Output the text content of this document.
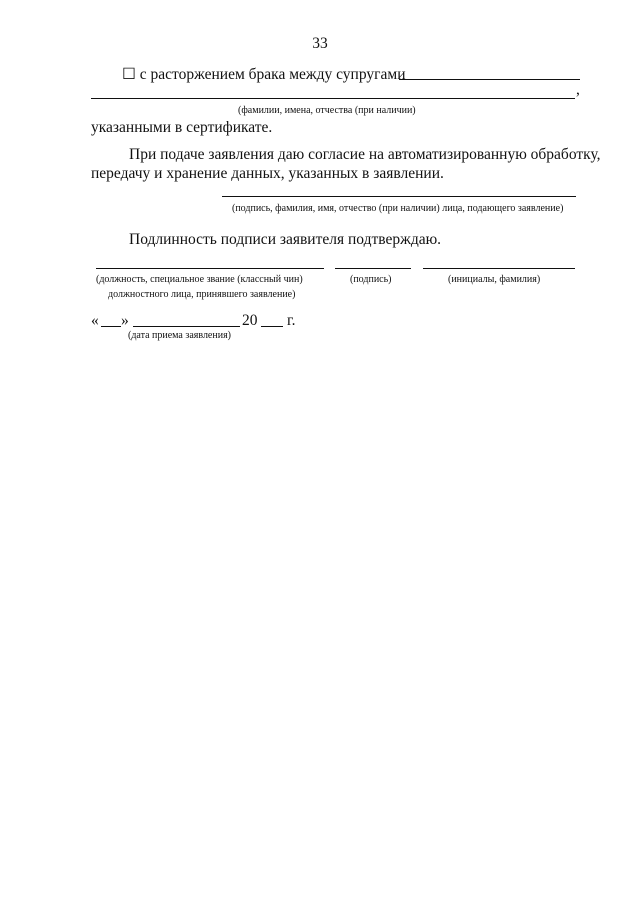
33
☐ с расторжением брака между супругами
,
(фамилии, имена, отчества (при наличии)
указанными в сертификате.
При подаче заявления даю согласие на автоматизированную обработку,
передачу и хранение данных, указанных в заявлении.
(подпись, фамилия, имя, отчество (при наличии) лица, подающего заявление)
Подлинность подписи заявителя подтверждаю.
(должность, специальное звание (классный чин)
должностного лица, принявшего заявление)
(подпись)	(инициалы, фамилия)
« »	20 г.
(дата приема заявления)
